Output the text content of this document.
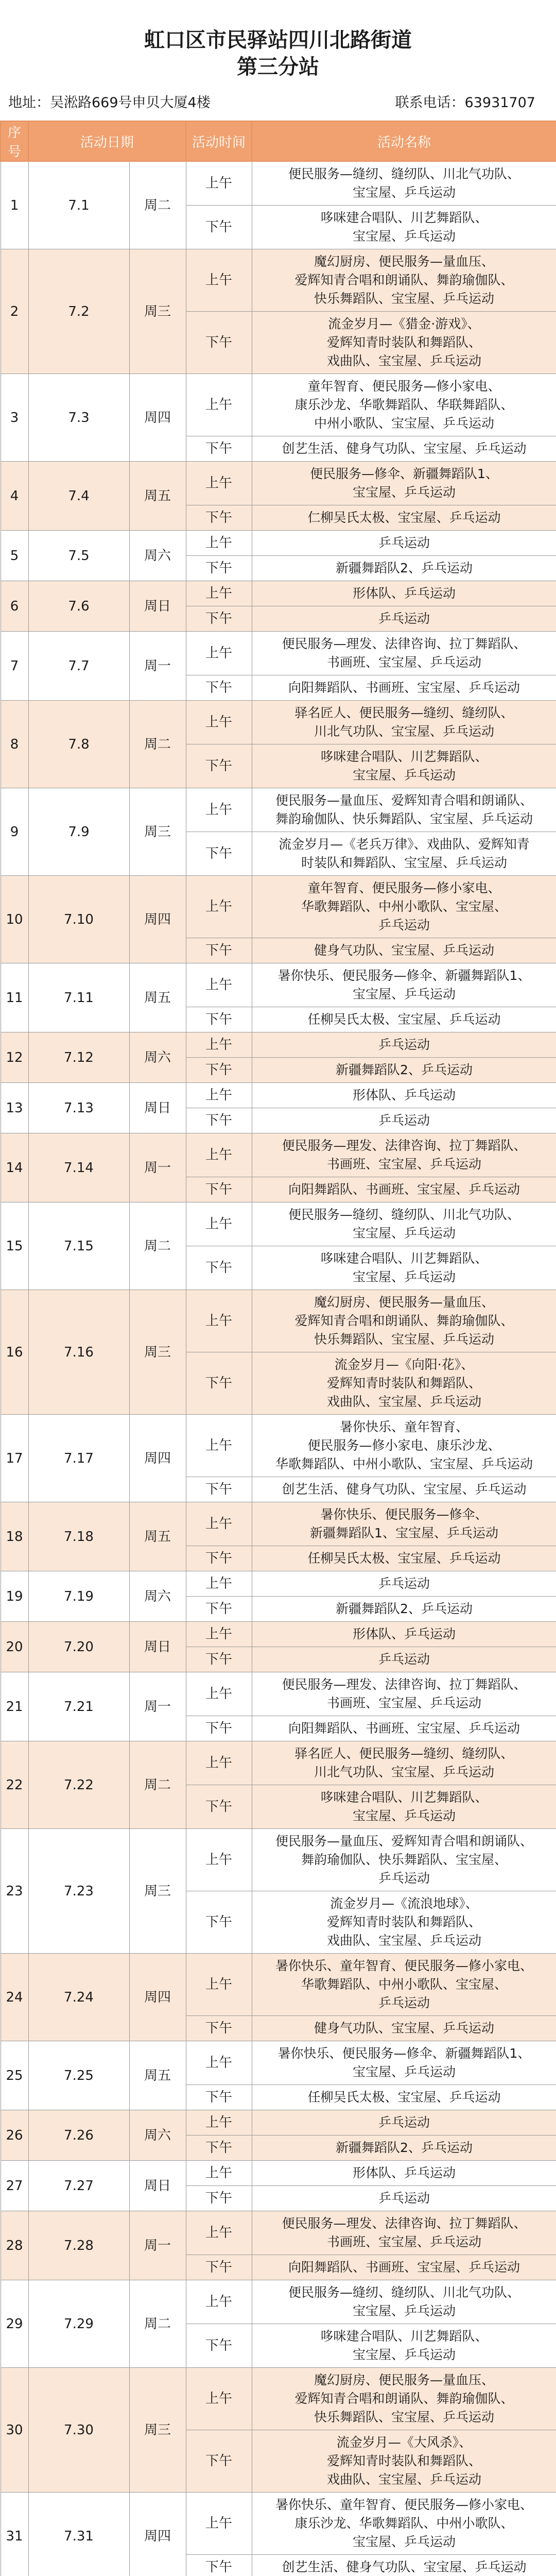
虹口区市民驿站四川北路街道
第三分站
地址：吴淞路669号申贝大厦4楼	联系电话：63931707
序号	活动日期		活动时间	活动名称
1	7.1	周二	上午	便民服务—缝纫、缝纫队、川北气功队、
宝宝屋、乒乓运动

			下午	哆咪建合唱队、川艺舞蹈队、
宝宝屋、乒乓运动

2	7.2	周三	上午	魔幻厨房、便民服务—量血压、
爱辉知青合唱和朗诵队、舞韵瑜伽队、
快乐舞蹈队、宝宝屋、乒乓运动

			下午	流金岁月—《猎金·游戏》、
爱辉知青时装队和舞蹈队、
戏曲队、宝宝屋、乒乓运动

3	7.3	周四	上午	童年智育、便民服务—修小家电、
康乐沙龙、华歌舞蹈队、华联舞蹈队、
中州小歌队、宝宝屋、乒乓运动

			下午	创艺生活、健身气功队、宝宝屋、乒乓运动

4	7.4	周五	上午	便民服务—修伞、新疆舞蹈队1、
宝宝屋、乒乓运动

			下午	仁柳吴氏太极、宝宝屋、乒乓运动

5	7.5	周六	上午	乒乓运动

			下午	新疆舞蹈队2、乒乓运动

6	7.6	周日	上午	形体队、乒乓运动

			下午	乒乓运动

7	7.7	周一	上午	便民服务—理发、法律咨询、拉丁舞蹈队、
书画班、宝宝屋、乒乓运动

			下午	向阳舞蹈队、书画班、宝宝屋、乒乓运动

8	7.8	周二	上午	驿名匠人、便民服务—缝纫、缝纫队、
川北气功队、宝宝屋、乒乓运动

			下午	哆咪建合唱队、川艺舞蹈队、
宝宝屋、乒乓运动

9	7.9	周三	上午	便民服务—量血压、爱辉知青合唱和朗诵队、
舞韵瑜伽队、快乐舞蹈队、宝宝屋、乒乓运动

			下午	流金岁月—《老兵万律》、戏曲队、爱辉知青
时装队和舞蹈队、宝宝屋、乒乓运动

10	7.10	周四	上午	童年智育、便民服务—修小家电、
华歌舞蹈队、中州小歌队、宝宝屋、
乒乓运动

			下午	健身气功队、宝宝屋、乒乓运动

11	7.11	周五	上午	暑你快乐、便民服务—修伞、新疆舞蹈队1、
宝宝屋、乒乓运动

			下午	任柳吴氏太极、宝宝屋、乒乓运动

12	7.12	周六	上午	乒乓运动

			下午	新疆舞蹈队2、乒乓运动

13	7.13	周日	上午	形体队、乒乓运动

			下午	乒乓运动

14	7.14	周一	上午	便民服务—理发、法律咨询、拉丁舞蹈队、
书画班、宝宝屋、乒乓运动

			下午	向阳舞蹈队、书画班、宝宝屋、乒乓运动

15	7.15	周二	上午	便民服务—缝纫、缝纫队、川北气功队、
宝宝屋、乒乓运动

			下午	哆咪建合唱队、川艺舞蹈队、
宝宝屋、乒乓运动

16	7.16	周三	上午	魔幻厨房、便民服务—量血压、
爱辉知青合唱和朗诵队、舞韵瑜伽队、
快乐舞蹈队、宝宝屋、乒乓运动

			下午	流金岁月—《向阳·花》、
爱辉知青时装队和舞蹈队、
戏曲队、宝宝屋、乒乓运动

17	7.17	周四	上午	暑你快乐、童年智育、
便民服务—修小家电、康乐沙龙、
华歌舞蹈队、中州小歌队、宝宝屋、乒乓运动

			下午	创艺生活、健身气功队、宝宝屋、乒乓运动

18	7.18	周五	上午	暑你快乐、便民服务—修伞、
新疆舞蹈队1、宝宝屋、乒乓运动

			下午	任柳吴氏太极、宝宝屋、乒乓运动

19	7.19	周六	上午	乒乓运动

			下午	新疆舞蹈队2、乒乓运动

20	7.20	周日	上午	形体队、乒乓运动

			下午	乒乓运动

21	7.21	周一	上午	便民服务—理发、法律咨询、拉丁舞蹈队、
书画班、宝宝屋、乒乓运动

			下午	向阳舞蹈队、书画班、宝宝屋、乒乓运动

22	7.22	周二	上午	驿名匠人、便民服务—缝纫、缝纫队、
川北气功队、宝宝屋、乒乓运动

			下午	哆咪建合唱队、川艺舞蹈队、
宝宝屋、乒乓运动

23	7.23	周三	上午	便民服务—量血压、爱辉知青合唱和朗诵队、
舞韵瑜伽队、快乐舞蹈队、宝宝屋、
乒乓运动

			下午	流金岁月—《流浪地球》、
爱辉知青时装队和舞蹈队、
戏曲队、宝宝屋、乒乓运动

24	7.24	周四	上午	暑你快乐、童年智育、便民服务—修小家电、
华歌舞蹈队、中州小歌队、宝宝屋、
乒乓运动

			下午	健身气功队、宝宝屋、乒乓运动

25	7.25	周五	上午	暑你快乐、便民服务—修伞、新疆舞蹈队1、
宝宝屋、乒乓运动

			下午	任柳吴氏太极、宝宝屋、乒乓运动

26	7.26	周六	上午	乒乓运动

			下午	新疆舞蹈队2、乒乓运动

27	7.27	周日	上午	形体队、乒乓运动

			下午	乒乓运动

28	7.28	周一	上午	便民服务—理发、法律咨询、拉丁舞蹈队、
书画班、宝宝屋、乒乓运动

			下午	向阳舞蹈队、书画班、宝宝屋、乒乓运动

29	7.29	周二	上午	便民服务—缝纫、缝纫队、川北气功队、
宝宝屋、乒乓运动

			下午	哆咪建合唱队、川艺舞蹈队、
宝宝屋、乒乓运动

30	7.30	周三	上午	魔幻厨房、便民服务—量血压、
爱辉知青合唱和朗诵队、舞韵瑜伽队、
快乐舞蹈队、宝宝屋、乒乓运动

			下午	流金岁月—《大风杀》、
爱辉知青时装队和舞蹈队、
戏曲队、宝宝屋、乒乓运动

31	7.31	周四	上午	暑你快乐、童年智育、便民服务—修小家电、
康乐沙龙、华歌舞蹈队、中州小歌队、
宝宝屋、乒乓运动

			下午	创艺生活、健身气功队、宝宝屋、乒乓运动
